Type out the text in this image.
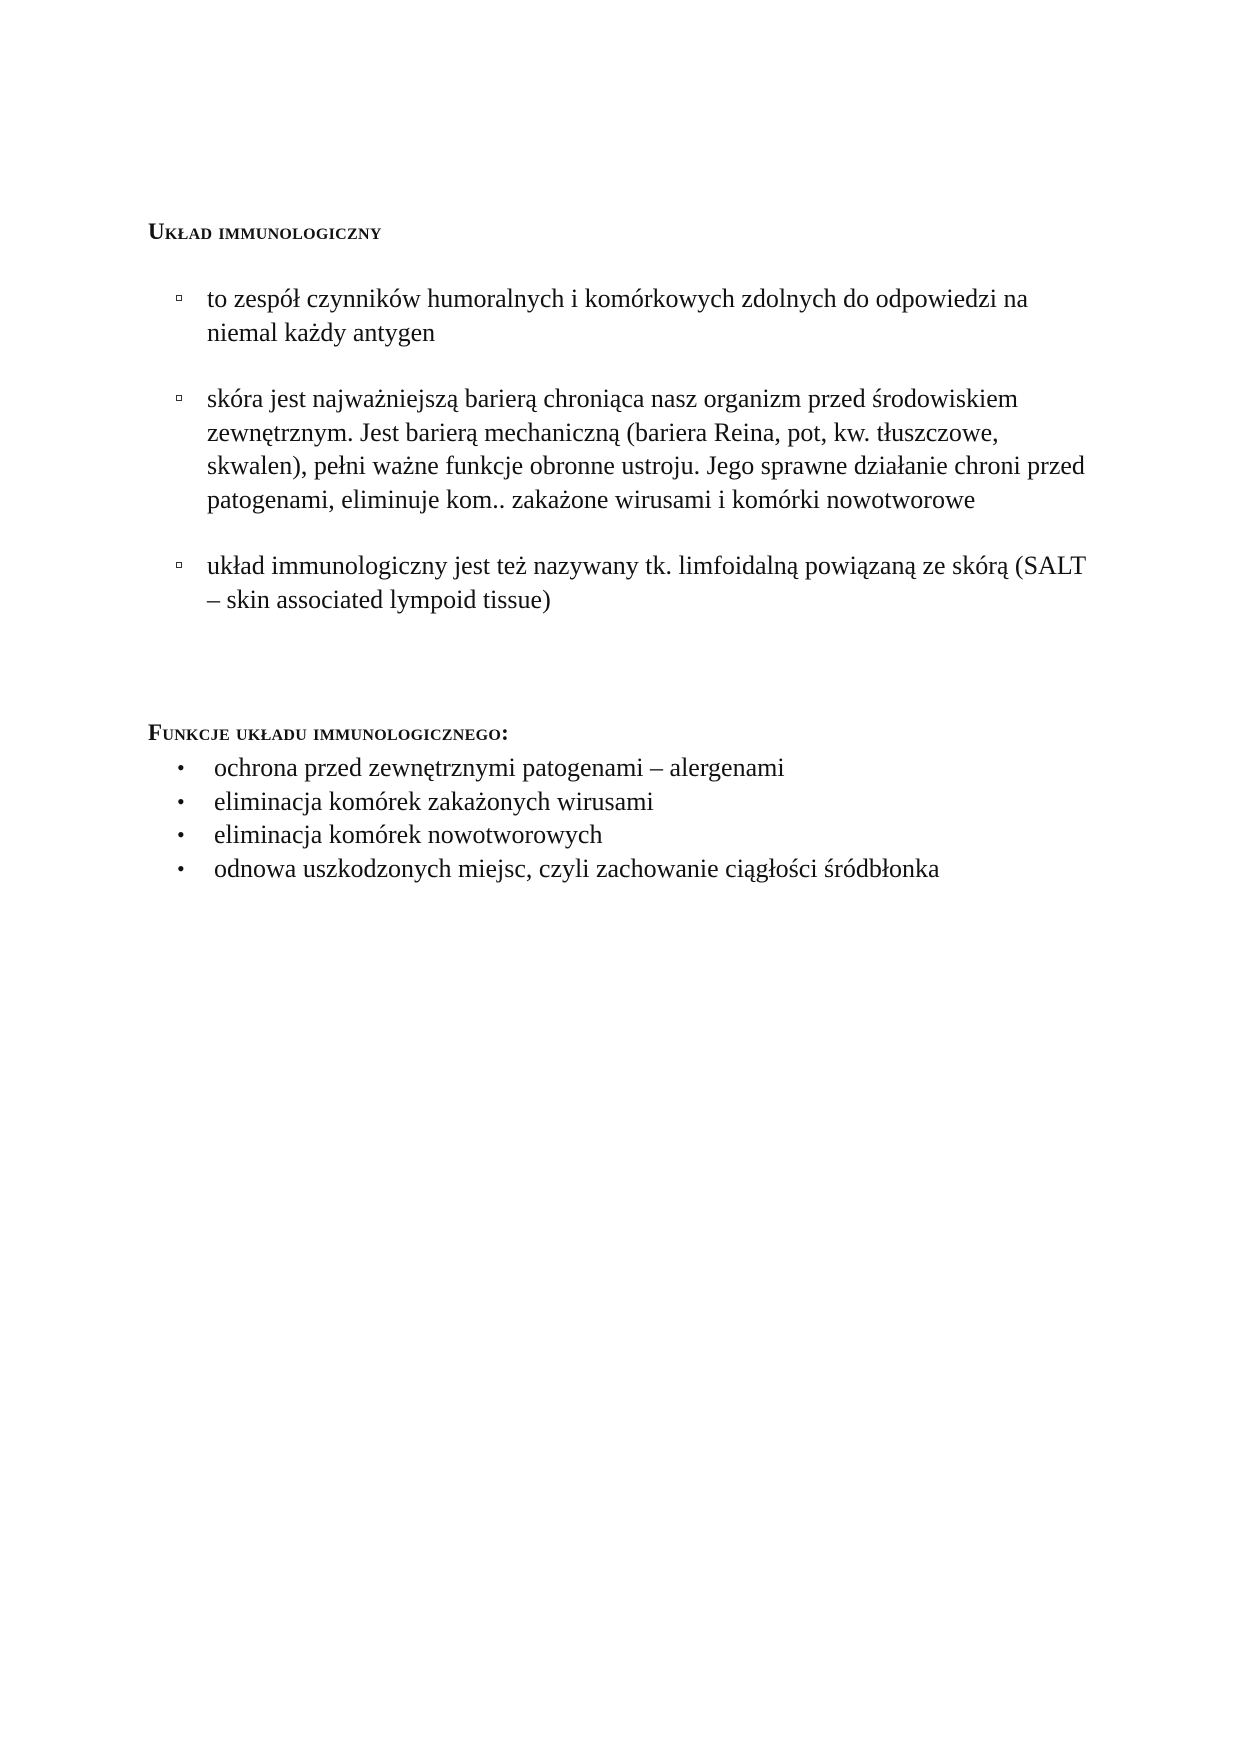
Układ immunologiczny
to zespół czynników humoralnych i komórkowych zdolnych do odpowiedzi na niemal każdy antygen
skóra jest najważniejszą barierą chroniąca nasz organizm przed środowiskiem zewnętrznym. Jest barierą mechaniczną (bariera Reina, pot, kw. tłuszczowe, skwalen), pełni ważne funkcje obronne ustroju. Jego sprawne działanie chroni przed patogenami, eliminuje kom.. zakażone wirusami i komórki nowotworowe
układ immunologiczny jest też nazywany tk. limfoidalną powiązaną ze skórą (SALT – skin associated lympoid tissue)
Funkcje układu immunologicznego:
• ochrona przed zewnętrznymi patogenami – alergenami
• eliminacja komórek zakażonych wirusami
• eliminacja komórek nowotworowych
• odnowa uszkodzonych miejsc, czyli zachowanie ciągłości śródbłonka
